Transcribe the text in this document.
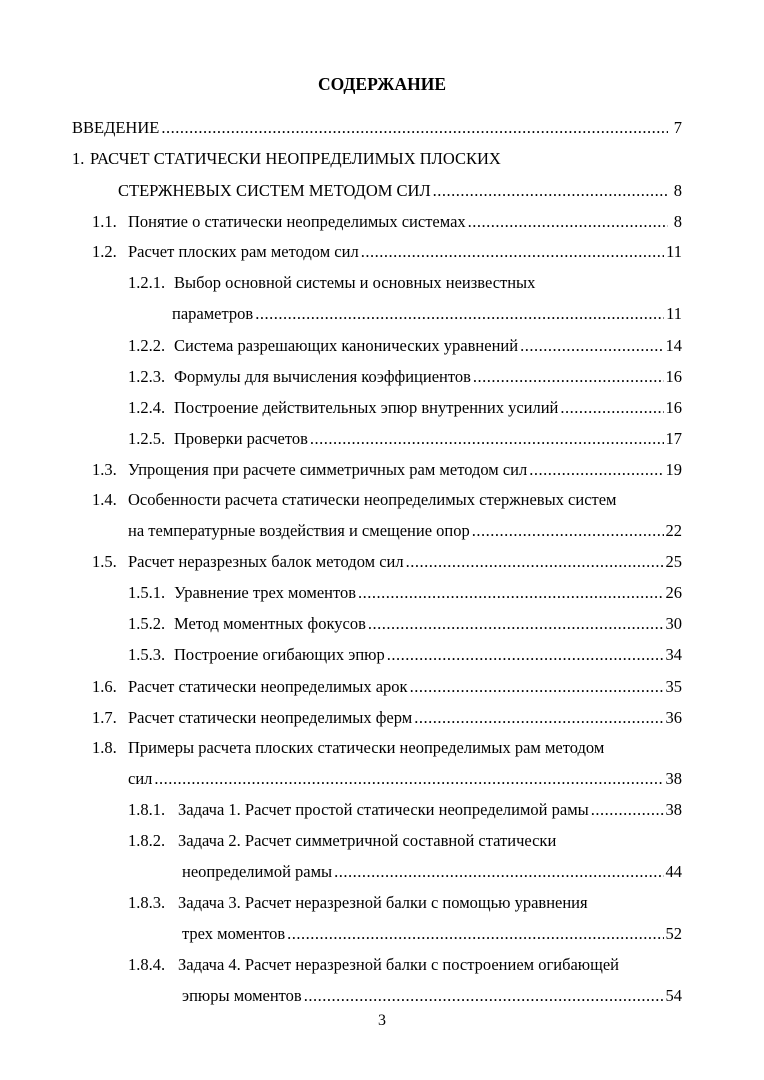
СОДЕРЖАНИЕ
ВВЕДЕНИЕ .....	7
1. РАСЧЕТ СТАТИЧЕСКИ НЕОПРЕДЕЛИМЫХ ПЛОСКИХ
СТЕРЖНЕВЫХ СИСТЕМ МЕТОДОМ СИЛ .....	8
1.1. Понятие о статически неопределимых системах .....	8
1.2. Расчет плоских рам методом сил .....	11
1.2.1. Выбор основной системы и основных неизвестных
параметров .....	11
1.2.2. Система разрешающих канонических уравнений .....	14
1.2.3. Формулы для вычисления коэффициентов .....	16
1.2.4. Построение действительных эпюр внутренних усилий .....	16
1.2.5. Проверки расчетов .....	17
1.3. Упрощения при расчете симметричных рам методом сил .....	19
1.4. Особенности расчета статически неопределимых стержневых систем
на температурные воздействия и смещение опор .....	22
1.5. Расчет неразрезных балок методом сил .....	25
1.5.1. Уравнение трех моментов .....	26
1.5.2. Метод моментных фокусов .....	30
1.5.3. Построение огибающих эпюр .....	34
1.6. Расчет статически неопределимых арок .....	35
1.7. Расчет статически неопределимых ферм .....	36
1.8. Примеры расчета плоских статически неопределимых рам методом
сил .....	38
1.8.1. Задача 1. Расчет простой статически неопределимой рамы .....	38
1.8.2. Задача 2. Расчет симметричной составной статически
неопределимой рамы .....	44
1.8.3. Задача 3. Расчет неразрезной балки с помощью уравнения
трех моментов .....	52
1.8.4. Задача 4. Расчет неразрезной балки с построением огибающей
эпюры моментов .....	54
3
